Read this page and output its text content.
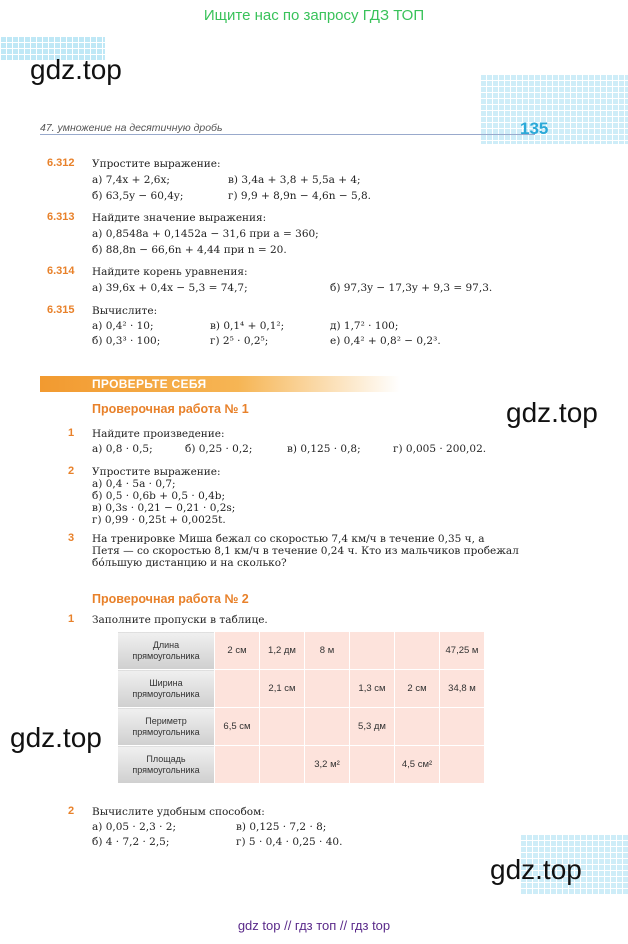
Ищите нас по запросу ГДЗ ТОП
gdz.top
gdz.top
gdz.top
gdz.top
47. умножение на десятичную дробь	135
6.312 Упростите выражение:
а) 7,4x + 2,6x;	в) 3,4a + 3,8 + 5,5a + 4;
б) 63,5y − 60,4y;	г) 9,9 + 8,9n − 4,6n − 5,8.
6.313 Найдите значение выражения:
а) 0,8548a + 0,1452a − 31,6 при a = 360;
б) 88,8n − 66,6n + 4,44 при n = 20.
6.314 Найдите корень уравнения:
а) 39,6x + 0,4x − 5,3 = 74,7;	б) 97,3y − 17,3y + 9,3 = 97,3.
6.315 Вычислите:
а) 0,4² · 10;	в) 0,1⁴ + 0,1²;	д) 1,7² · 100;
б) 0,3³ · 100;	г) 2⁵ · 0,2⁵;	е) 0,4² + 0,8² − 0,2³.
ПРОВЕРЬТЕ СЕБЯ
Проверочная работа № 1
1 Найдите произведение:
а) 0,8 · 0,5;	б) 0,25 · 0,2;	в) 0,125 · 0,8;	г) 0,005 · 200,02.
2 Упростите выражение:
а) 0,4 · 5a · 0,7;
б) 0,5 · 0,6b + 0,5 · 0,4b;
в) 0,3s · 0,21 − 0,21 · 0,2s;
г) 0,99 · 0,25t + 0,0025t.
3 На тренировке Миша бежал со скоростью 7,4 км/ч в течение 0,35 ч, а
Петя — со скоростью 8,1 км/ч в течение 0,24 ч. Кто из мальчиков пробежал
бóльшую дистанцию и на сколько?
Проверочная работа № 2
1 Заполните пропуски в таблице.
Длина прямоугольника	2 см	1,2 дм	8 м			47,25 м
Ширина прямоугольника		2,1 см		1,3 см	2 см	34,8 м
Периметр прямоугольника	6,5 см			5,3 дм		
Площадь прямоугольника			3,2 м²		4,5 см²	
2 Вычислите удобным способом:
а) 0,05 · 2,3 · 2;	в) 0,125 · 7,2 · 8;
б) 4 · 7,2 · 2,5;	г) 5 · 0,4 · 0,25 · 40.
gdz top // гдз топ // гдз top
